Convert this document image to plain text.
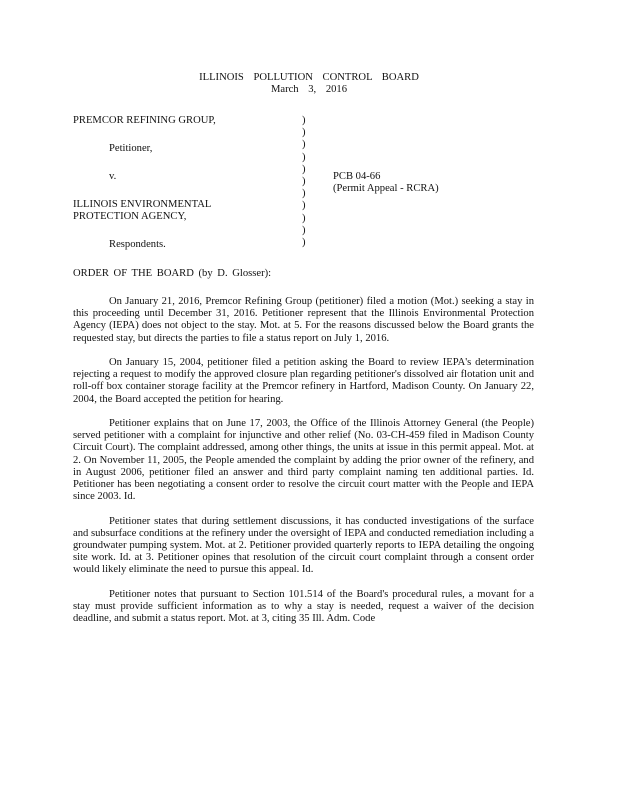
ILLINOIS POLLUTION CONTROL BOARD
March 3, 2016
PREMCOR REFINING GROUP,
Petitioner,
v.
ILLINOIS ENVIRONMENTAL
PROTECTION AGENCY,
Respondents.
)
)
)
)
)
)
)
)
)
)
)
PCB 04-66
(Permit Appeal - RCRA)
ORDER OF THE BOARD (by D. Glosser):

On January 21, 2016, Premcor Refining Group (petitioner) filed a motion (Mot.) seeking a stay in this proceeding until December 31, 2016. Petitioner represent that the Illinois Environmental Protection Agency (IEPA) does not object to the stay. Mot. at 5. For the reasons discussed below the Board grants the requested stay, but directs the parties to file a status report on July 1, 2016.

On January 15, 2004, petitioner filed a petition asking the Board to review IEPA's determination rejecting a request to modify the approved closure plan regarding petitioner's dissolved air flotation unit and roll-off box container storage facility at the Premcor refinery in Hartford, Madison County. On January 22, 2004, the Board accepted the petition for hearing.

Petitioner explains that on June 17, 2003, the Office of the Illinois Attorney General (the People) served petitioner with a complaint for injunctive and other relief (No. 03-CH-459 filed in Madison County Circuit Court). The complaint addressed, among other things, the units at issue in this permit appeal. Mot. at 2. On November 11, 2005, the People amended the complaint by adding the prior owner of the refinery, and in August 2006, petitioner filed an answer and third party complaint naming ten additional parties. Id. Petitioner has been negotiating a consent order to resolve the circuit court matter with the People and IEPA since 2003. Id.

Petitioner states that during settlement discussions, it has conducted investigations of the surface and subsurface conditions at the refinery under the oversight of IEPA and conducted remediation including a groundwater pumping system. Mot. at 2. Petitioner provided quarterly reports to IEPA detailing the ongoing site work. Id. at 3. Petitioner opines that resolution of the circuit court complaint through a consent order would likely eliminate the need to pursue this appeal. Id.

Petitioner notes that pursuant to Section 101.514 of the Board's procedural rules, a movant for a stay must provide sufficient information as to why a stay is needed, request a waiver of the decision deadline, and submit a status report. Mot. at 3, citing 35 Ill. Adm. Code
